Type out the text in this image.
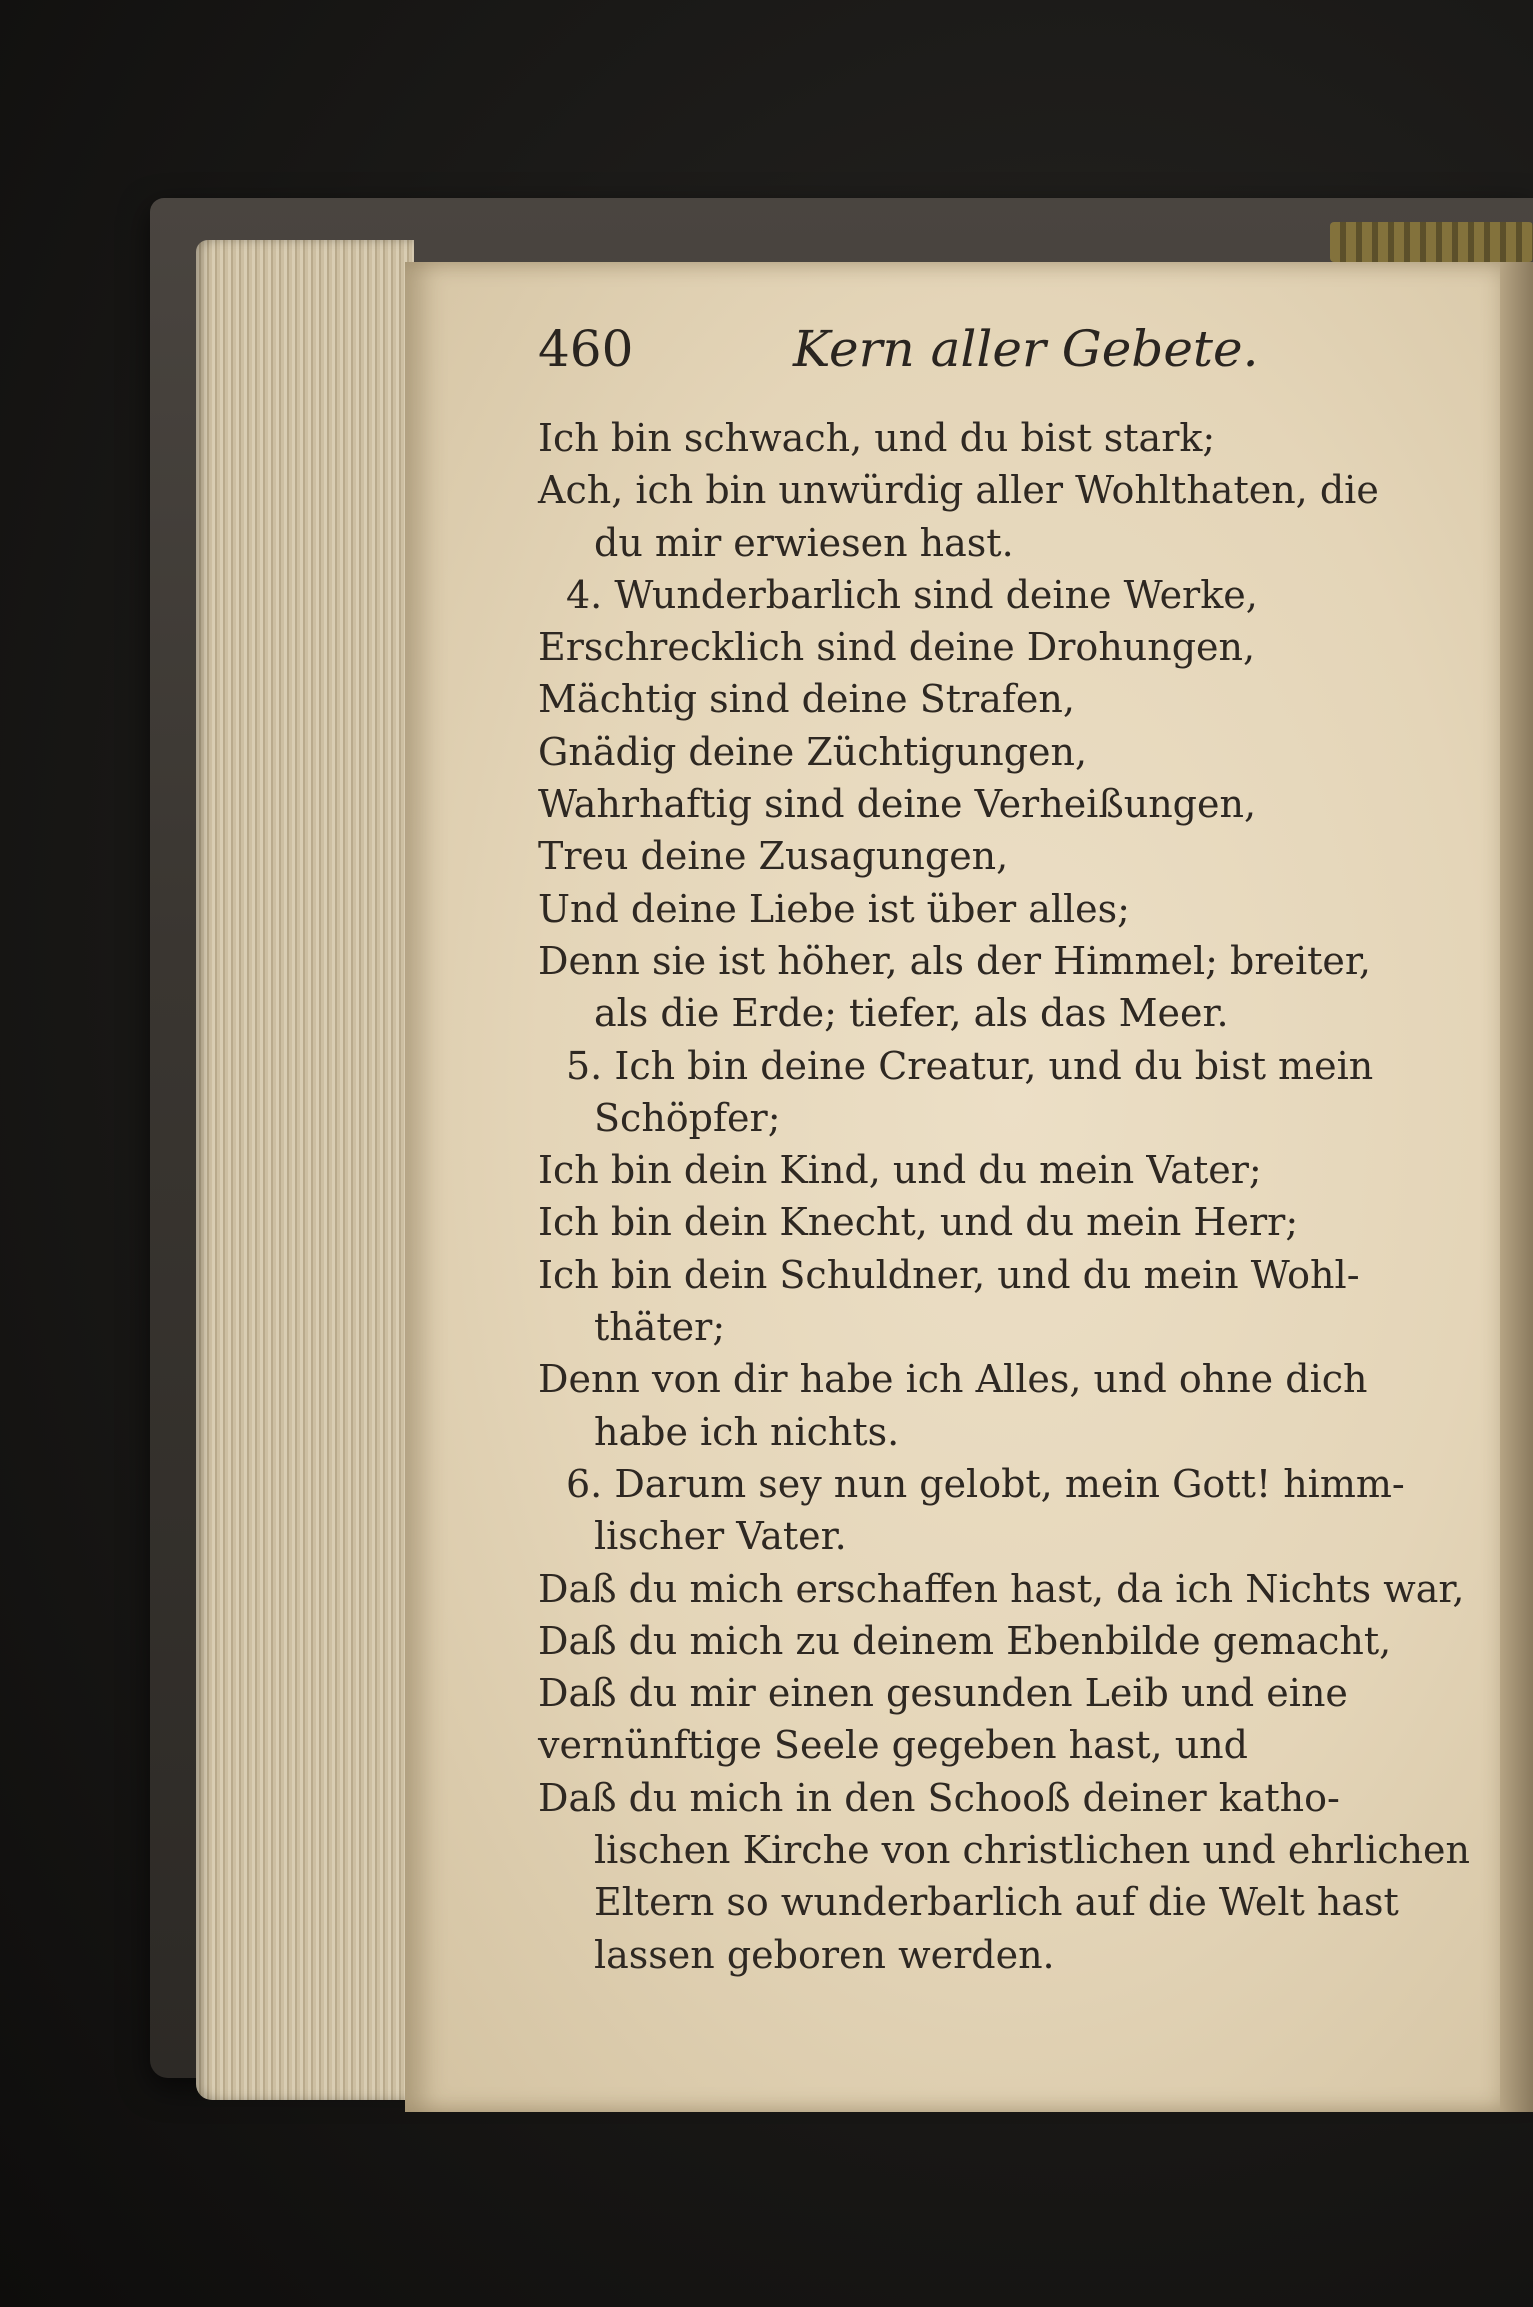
460	Kern aller Gebete.
Ich bin schwach, und du bist stark;
Ach, ich bin unwürdig aller Wohlthaten, die
du mir erwiesen hast.
4. Wunderbarlich sind deine Werke,
Erschrecklich sind deine Drohungen,
Mächtig sind deine Strafen,
Gnädig deine Züchtigungen,
Wahrhaftig sind deine Verheißungen,
Treu deine Zusagungen,
Und deine Liebe ist über alles;
Denn sie ist höher, als der Himmel; breiter,
als die Erde; tiefer, als das Meer.
5. Ich bin deine Creatur, und du bist mein
Schöpfer;
Ich bin dein Kind, und du mein Vater;
Ich bin dein Knecht, und du mein Herr;
Ich bin dein Schuldner, und du mein Wohl-
thäter;
Denn von dir habe ich Alles, und ohne dich
habe ich nichts.
6. Darum sey nun gelobt, mein Gott! himm-
lischer Vater.
Daß du mich erschaffen hast, da ich Nichts war,
Daß du mich zu deinem Ebenbilde gemacht,
Daß du mir einen gesunden Leib und eine
vernünftige Seele gegeben hast, und
Daß du mich in den Schooß deiner katho-
lischen Kirche von christlichen und ehrlichen
Eltern so wunderbarlich auf die Welt hast
lassen geboren werden.
